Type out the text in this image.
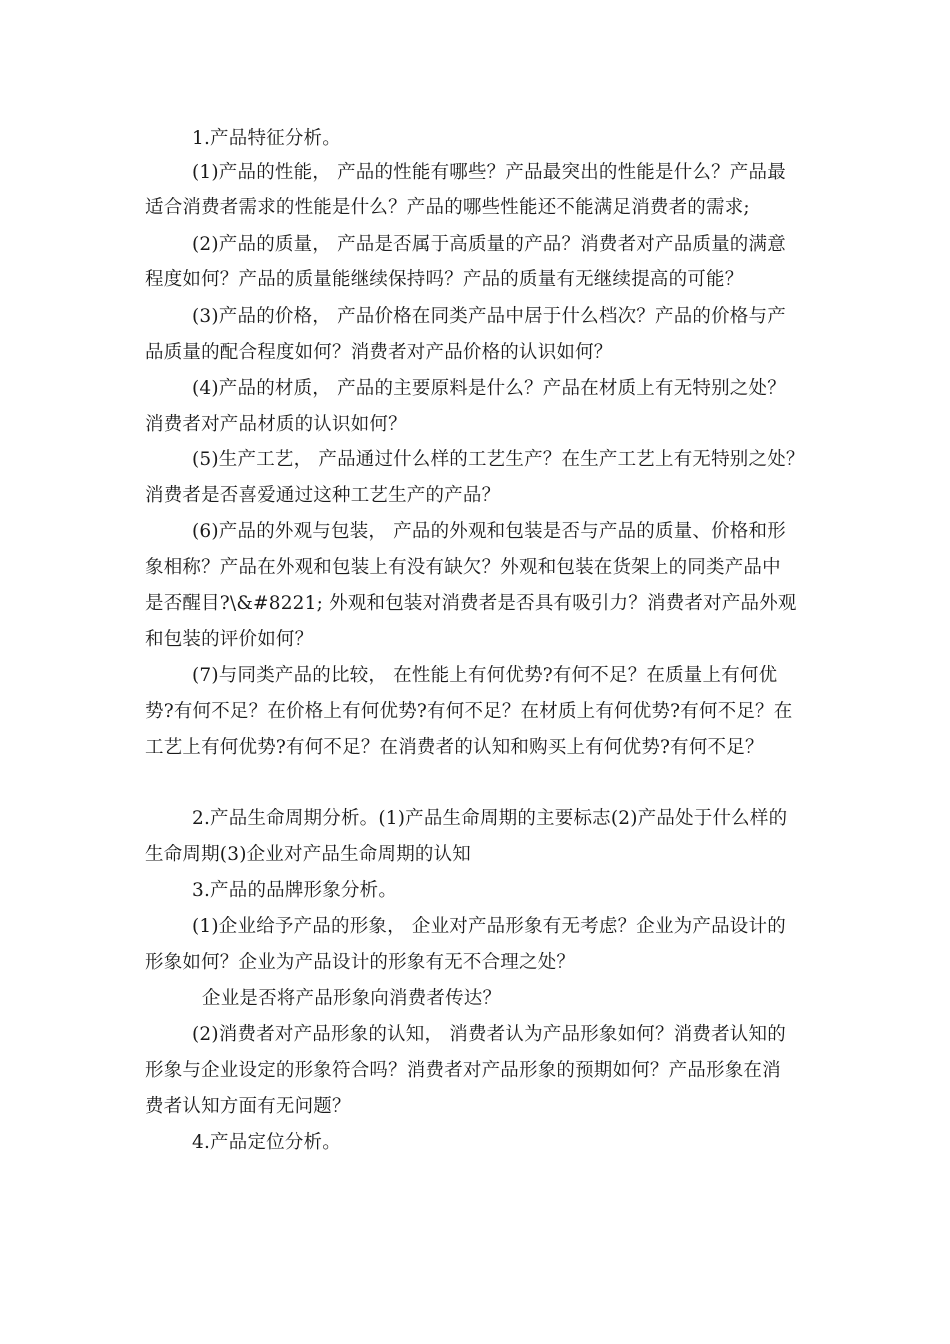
1.产品特征分析。
(1)产品的性能， 产品的性能有哪些？产品最突出的性能是什么？产品最
适合消费者需求的性能是什么？产品的哪些性能还不能满足消费者的需求;
(2)产品的质量， 产品是否属于高质量的产品？消费者对产品质量的满意
程度如何？产品的质量能继续保持吗？产品的质量有无继续提高的可能？
(3)产品的价格， 产品价格在同类产品中居于什么档次？产品的价格与产
品质量的配合程度如何？消费者对产品价格的认识如何？
(4)产品的材质， 产品的主要原料是什么？产品在材质上有无特别之处？
消费者对产品材质的认识如何？
(5)生产工艺， 产品通过什么样的工艺生产？在生产工艺上有无特别之处？
消费者是否喜爱通过这种工艺生产的产品？
(6)产品的外观与包装， 产品的外观和包装是否与产品的质量、价格和形
象相称？产品在外观和包装上有没有缺欠？外观和包装在货架上的同类产品中
是否醒目?\&#8221; 外观和包装对消费者是否具有吸引力？消费者对产品外观
和包装的评价如何？
(7)与同类产品的比较， 在性能上有何优势?有何不足？在质量上有何优
势?有何不足？在价格上有何优势?有何不足？在材质上有何优势?有何不足？在
工艺上有何优势?有何不足？在消费者的认知和购买上有何优势?有何不足？
2.产品生命周期分析。(1)产品生命周期的主要标志(2)产品处于什么样的
生命周期(3)企业对产品生命周期的认知
3.产品的品牌形象分析。
(1)企业给予产品的形象， 企业对产品形象有无考虑？企业为产品设计的
形象如何？企业为产品设计的形象有无不合理之处？
企业是否将产品形象向消费者传达？
(2)消费者对产品形象的认知， 消费者认为产品形象如何？消费者认知的
形象与企业设定的形象符合吗？消费者对产品形象的预期如何？产品形象在消
费者认知方面有无问题？
4.产品定位分析。
